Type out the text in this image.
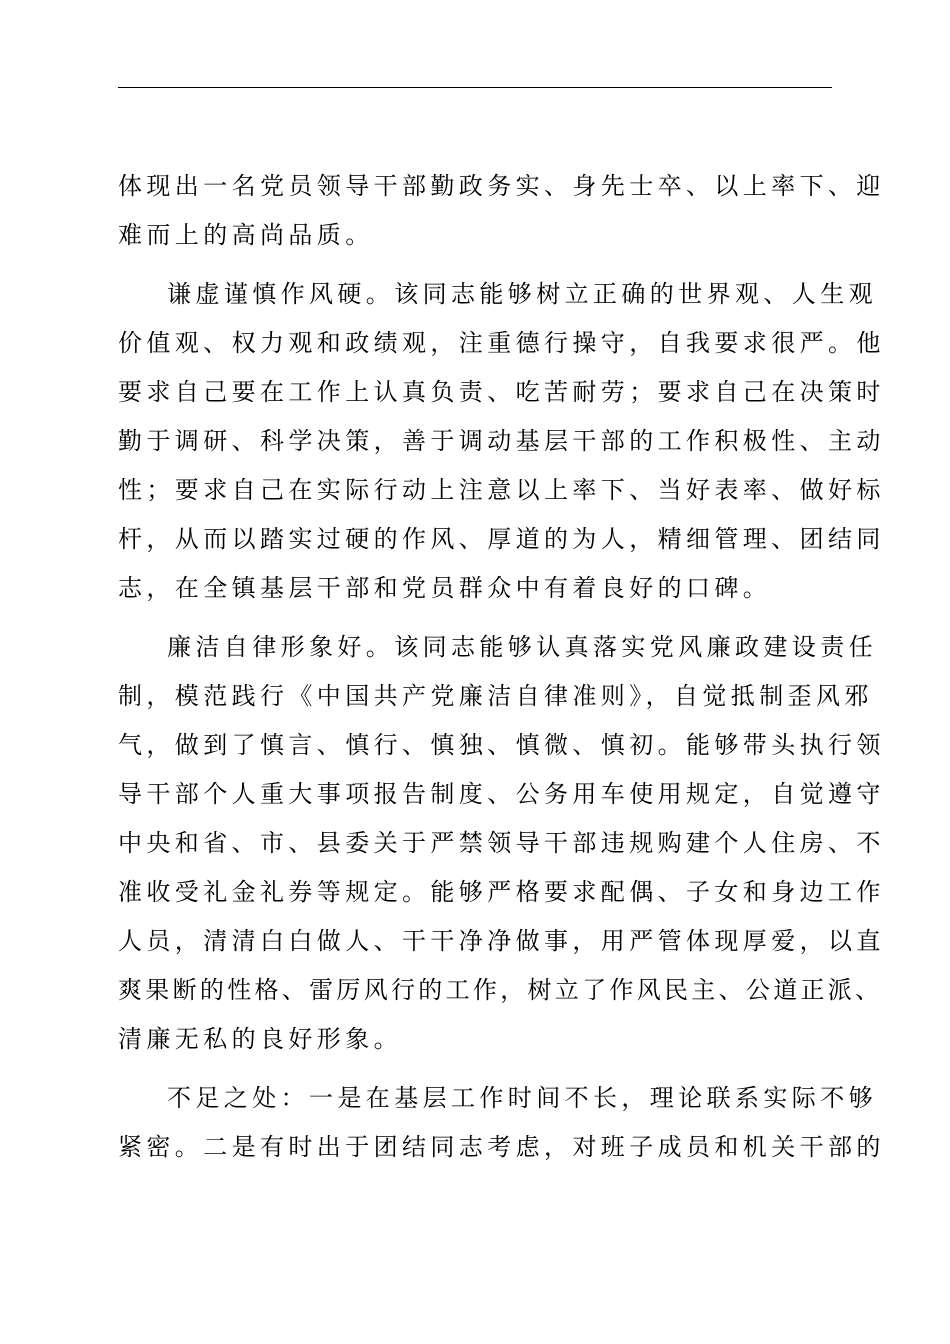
体现出一名党员领导干部勤政务实、身先士卒、以上率下、迎
难而上的高尚品质。
谦虚谨慎作风硬。该同志能够树立正确的世界观、人生观
价值观、权力观和政绩观，注重德行操守，自我要求很严。他
要求自己要在工作上认真负责、吃苦耐劳；要求自己在决策时
勤于调研、科学决策，善于调动基层干部的工作积极性、主动
性；要求自己在实际行动上注意以上率下、当好表率、做好标
杆，从而以踏实过硬的作风、厚道的为人，精细管理、团结同
志，在全镇基层干部和党员群众中有着良好的口碑。
廉洁自律形象好。该同志能够认真落实党风廉政建设责任
制，模范践行《中国共产党廉洁自律准则》，自觉抵制歪风邪
气，做到了慎言、慎行、慎独、慎微、慎初。能够带头执行领
导干部个人重大事项报告制度、公务用车使用规定，自觉遵守
中央和省、市、县委关于严禁领导干部违规购建个人住房、不
准收受礼金礼券等规定。能够严格要求配偶、子女和身边工作
人员，清清白白做人、干干净净做事，用严管体现厚爱，以直
爽果断的性格、雷厉风行的工作，树立了作风民主、公道正派、
清廉无私的良好形象。
不足之处：一是在基层工作时间不长，理论联系实际不够
紧密。二是有时出于团结同志考虑，对班子成员和机关干部的
